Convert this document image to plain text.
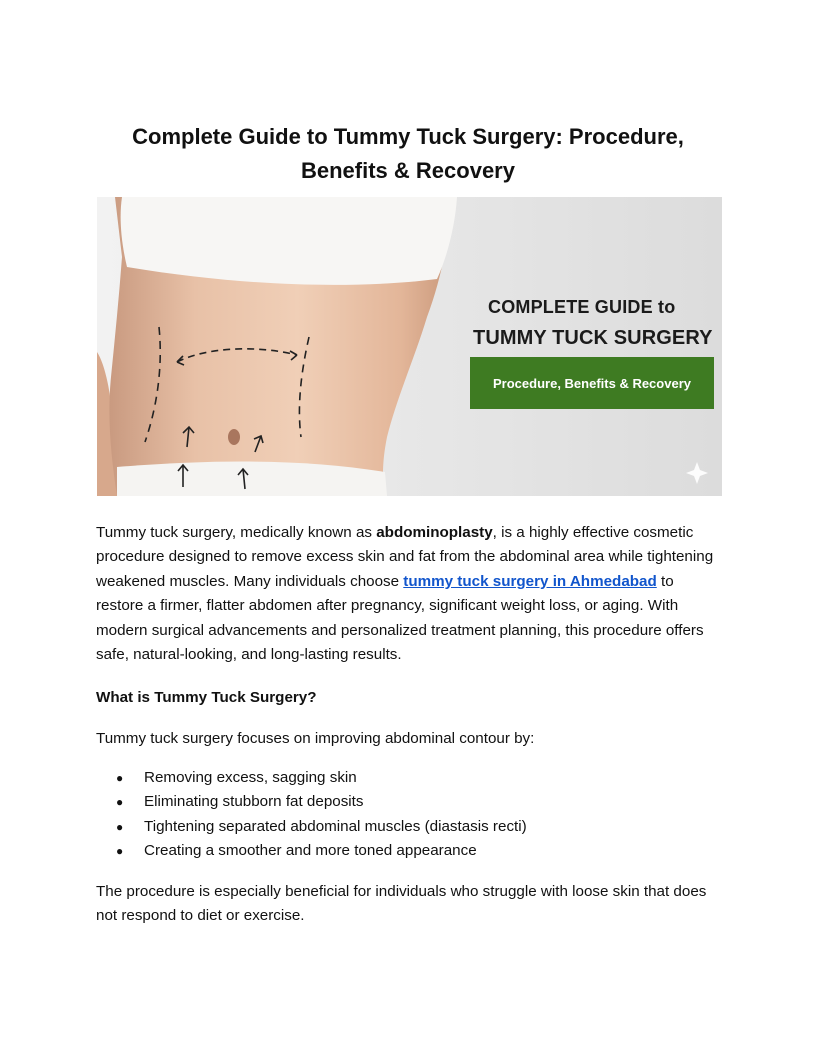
Complete Guide to Tummy Tuck Surgery: Procedure,
Benefits & Recovery
COMPLETE GUIDE to
TUMMY TUCK SURGERY
Procedure, Benefits & Recovery
Tummy tuck surgery, medically known as abdominoplasty, is a highly effective cosmetic procedure designed to remove excess skin and fat from the abdominal area while tightening weakened muscles. Many individuals choose tummy tuck surgery in Ahmedabad to restore a firmer, flatter abdomen after pregnancy, significant weight loss, or aging. With modern surgical advancements and personalized treatment planning, this procedure offers safe, natural-looking, and long-lasting results.
What is Tummy Tuck Surgery?
Tummy tuck surgery focuses on improving abdominal contour by:
● Removing excess, sagging skin
● Eliminating stubborn fat deposits
● Tightening separated abdominal muscles (diastasis recti)
● Creating a smoother and more toned appearance
The procedure is especially beneficial for individuals who struggle with loose skin that does not respond to diet or exercise.
